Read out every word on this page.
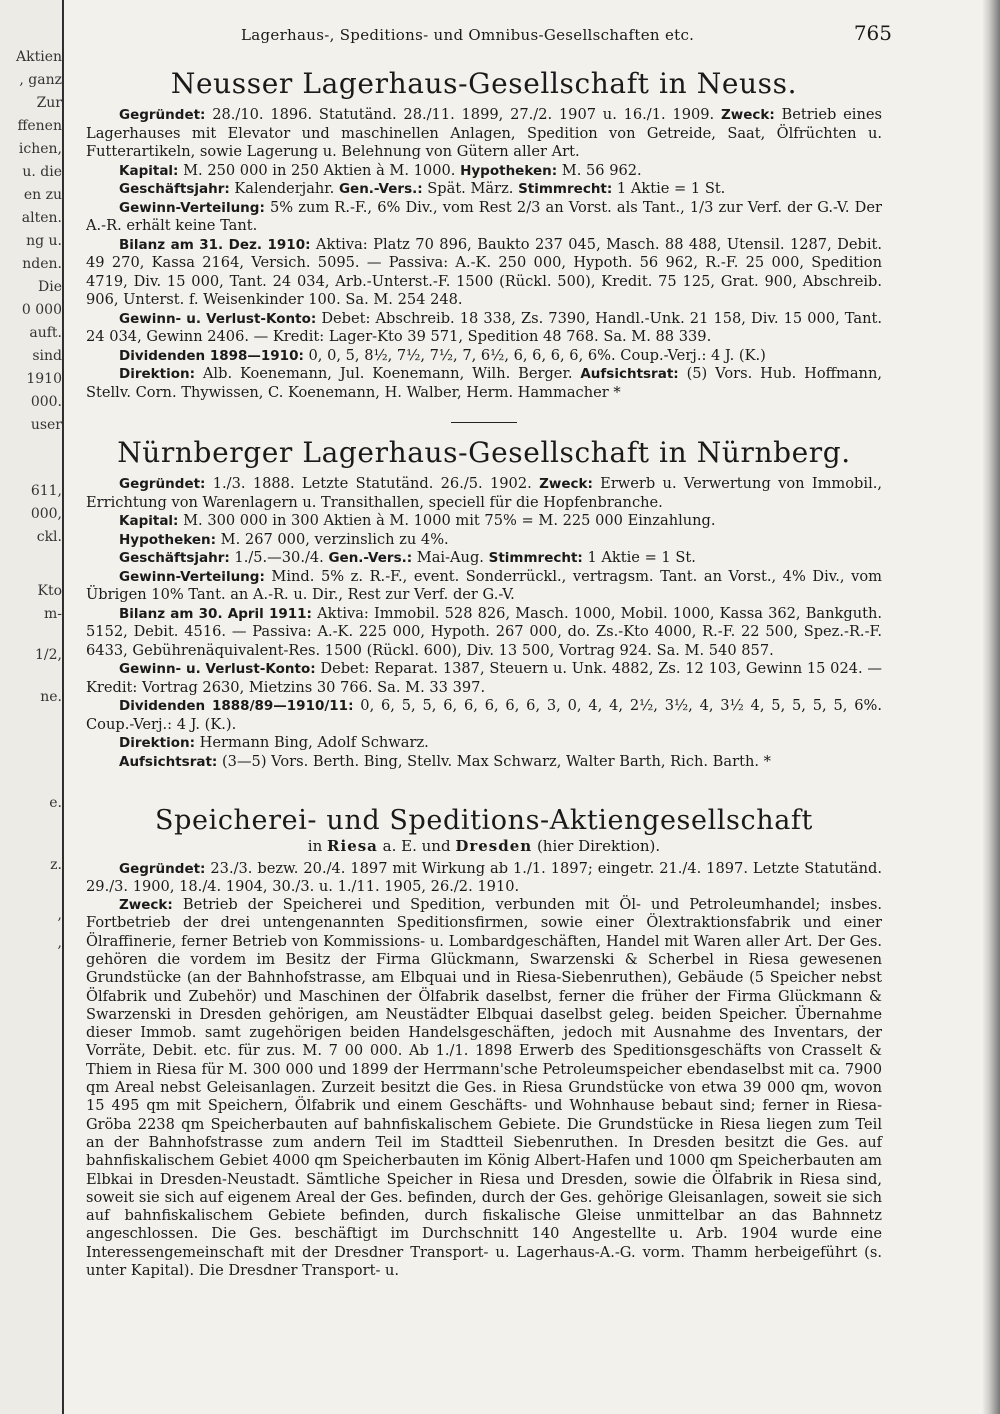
Aktien
, ganz
Zur
ffenen
ichen,
u. die
en zu
alten.
ng u.
nden.
Die
0 000
auft.
sind
1910
000.
user
611,
000,
ckl.
Kto
m-
1/2,
ne.
e.
z.
,
,
Lagerhaus-, Speditions- und Omnibus-Gesellschaften etc.	765
Neusser Lagerhaus-Gesellschaft in Neuss.

Gegründet: 28./10. 1896. Statutänd. 28./11. 1899, 27./2. 1907 u. 16./1. 1909. Zweck: Betrieb eines Lagerhauses mit Elevator und maschinellen Anlagen, Spedition von Getreide, Saat, Ölfrüchten u. Futterartikeln, sowie Lagerung u. Belehnung von Gütern aller Art.

Kapital: M. 250 000 in 250 Aktien à M. 1000. Hypotheken: M. 56 962.

Geschäftsjahr: Kalenderjahr. Gen.-Vers.: Spät. März. Stimmrecht: 1 Aktie = 1 St.

Gewinn-Verteilung: 5% zum R.-F., 6% Div., vom Rest 2/3 an Vorst. als Tant., 1/3 zur Verf. der G.-V. Der A.-R. erhält keine Tant.

Bilanz am 31. Dez. 1910: Aktiva: Platz 70 896, Baukto 237 045, Masch. 88 488, Utensil. 1287, Debit. 49 270, Kassa 2164, Versich. 5095. — Passiva: A.-K. 250 000, Hypoth. 56 962, R.-F. 25 000, Spedition 4719, Div. 15 000, Tant. 24 034, Arb.-Unterst.-F. 1500 (Rückl. 500), Kredit. 75 125, Grat. 900, Abschreib. 906, Unterst. f. Weisenkinder 100. Sa. M. 254 248.

Gewinn- u. Verlust-Konto: Debet: Abschreib. 18 338, Zs. 7390, Handl.-Unk. 21 158, Div. 15 000, Tant. 24 034, Gewinn 2406. — Kredit: Lager-Kto 39 571, Spedition 48 768. Sa. M. 88 339.

Dividenden 1898—1910: 0, 0, 5, 8½, 7½, 7½, 7, 6½, 6, 6, 6, 6, 6%. Coup.-Verj.: 4 J. (K.)

Direktion: Alb. Koenemann, Jul. Koenemann, Wilh. Berger. Aufsichtsrat: (5) Vors. Hub. Hoffmann, Stellv. Corn. Thywissen, C. Koenemann, H. Walber, Herm. Hammacher *

Nürnberger Lagerhaus-Gesellschaft in Nürnberg.

Gegründet: 1./3. 1888. Letzte Statutänd. 26./5. 1902. Zweck: Erwerb u. Verwertung von Immobil., Errichtung von Warenlagern u. Transithallen, speciell für die Hopfenbranche.

Kapital: M. 300 000 in 300 Aktien à M. 1000 mit 75% = M. 225 000 Einzahlung.

Hypotheken: M. 267 000, verzinslich zu 4%.

Geschäftsjahr: 1./5.—30./4. Gen.-Vers.: Mai-Aug. Stimmrecht: 1 Aktie = 1 St.

Gewinn-Verteilung: Mind. 5% z. R.-F., event. Sonderrückl., vertragsm. Tant. an Vorst., 4% Div., vom Übrigen 10% Tant. an A.-R. u. Dir., Rest zur Verf. der G.-V.

Bilanz am 30. April 1911: Aktiva: Immobil. 528 826, Masch. 1000, Mobil. 1000, Kassa 362, Bankguth. 5152, Debit. 4516. — Passiva: A.-K. 225 000, Hypoth. 267 000, do. Zs.-Kto 4000, R.-F. 22 500, Spez.-R.-F. 6433, Gebührenäquivalent-Res. 1500 (Rückl. 600), Div. 13 500, Vortrag 924. Sa. M. 540 857.

Gewinn- u. Verlust-Konto: Debet: Reparat. 1387, Steuern u. Unk. 4882, Zs. 12 103, Gewinn 15 024. — Kredit: Vortrag 2630, Mietzins 30 766. Sa. M. 33 397.

Dividenden 1888/89—1910/11: 0, 6, 5, 5, 6, 6, 6, 6, 6, 3, 0, 4, 4, 2½, 3½, 4, 3½ 4, 5, 5, 5, 5, 6%. Coup.-Verj.: 4 J. (K.).

Direktion: Hermann Bing, Adolf Schwarz.

Aufsichtsrat: (3—5) Vors. Berth. Bing, Stellv. Max Schwarz, Walter Barth, Rich. Barth. *

Speicherei- und Speditions-Aktiengesellschaft
in Riesa a. E. und Dresden (hier Direktion).

Gegründet: 23./3. bezw. 20./4. 1897 mit Wirkung ab 1./1. 1897; eingetr. 21./4. 1897. Letzte Statutänd. 29./3. 1900, 18./4. 1904, 30./3. u. 1./11. 1905, 26./2. 1910.

Zweck: Betrieb der Speicherei und Spedition, verbunden mit Öl- und Petroleumhandel; insbes. Fortbetrieb der drei untengenannten Speditionsfirmen, sowie einer Ölextraktionsfabrik und einer Ölraffinerie, ferner Betrieb von Kommissions- u. Lombardgeschäften, Handel mit Waren aller Art. Der Ges. gehören die vordem im Besitz der Firma Glückmann, Swarzenski & Scherbel in Riesa gewesenen Grundstücke (an der Bahnhofstrasse, am Elbquai und in Riesa-Siebenruthen), Gebäude (5 Speicher nebst Ölfabrik und Zubehör) und Maschinen der Ölfabrik daselbst, ferner die früher der Firma Glückmann & Swarzenski in Dresden gehörigen, am Neustädter Elbquai daselbst geleg. beiden Speicher. Übernahme dieser Immob. samt zugehörigen beiden Handelsgeschäften, jedoch mit Ausnahme des Inventars, der Vorräte, Debit. etc. für zus. M. 7 00 000. Ab 1./1. 1898 Erwerb des Speditionsgeschäfts von Crasselt & Thiem in Riesa für M. 300 000 und 1899 der Herrmann'sche Petroleumspeicher ebendaselbst mit ca. 7900 qm Areal nebst Geleisanlagen. Zurzeit besitzt die Ges. in Riesa Grundstücke von etwa 39 000 qm, wovon 15 495 qm mit Speichern, Ölfabrik und einem Geschäfts- und Wohnhause bebaut sind; ferner in Riesa-Gröba 2238 qm Speicherbauten auf bahnfiskalischem Gebiete. Die Grundstücke in Riesa liegen zum Teil an der Bahnhofstrasse zum andern Teil im Stadtteil Siebenruthen. In Dresden besitzt die Ges. auf bahnfiskalischem Gebiet 4000 qm Speicherbauten im König Albert-Hafen und 1000 qm Speicherbauten am Elbkai in Dresden-Neustadt. Sämtliche Speicher in Riesa und Dresden, sowie die Ölfabrik in Riesa sind, soweit sie sich auf eigenem Areal der Ges. befinden, durch der Ges. gehörige Gleisanlagen, soweit sie sich auf bahnfiskalischem Gebiete befinden, durch fiskalische Gleise unmittelbar an das Bahnnetz angeschlossen. Die Ges. beschäftigt im Durchschnitt 140 Angestellte u. Arb. 1904 wurde eine Interessengemeinschaft mit der Dresdner Transport- u. Lagerhaus-A.-G. vorm. Thamm herbeigeführt (s. unter Kapital). Die Dresdner Transport- u.
